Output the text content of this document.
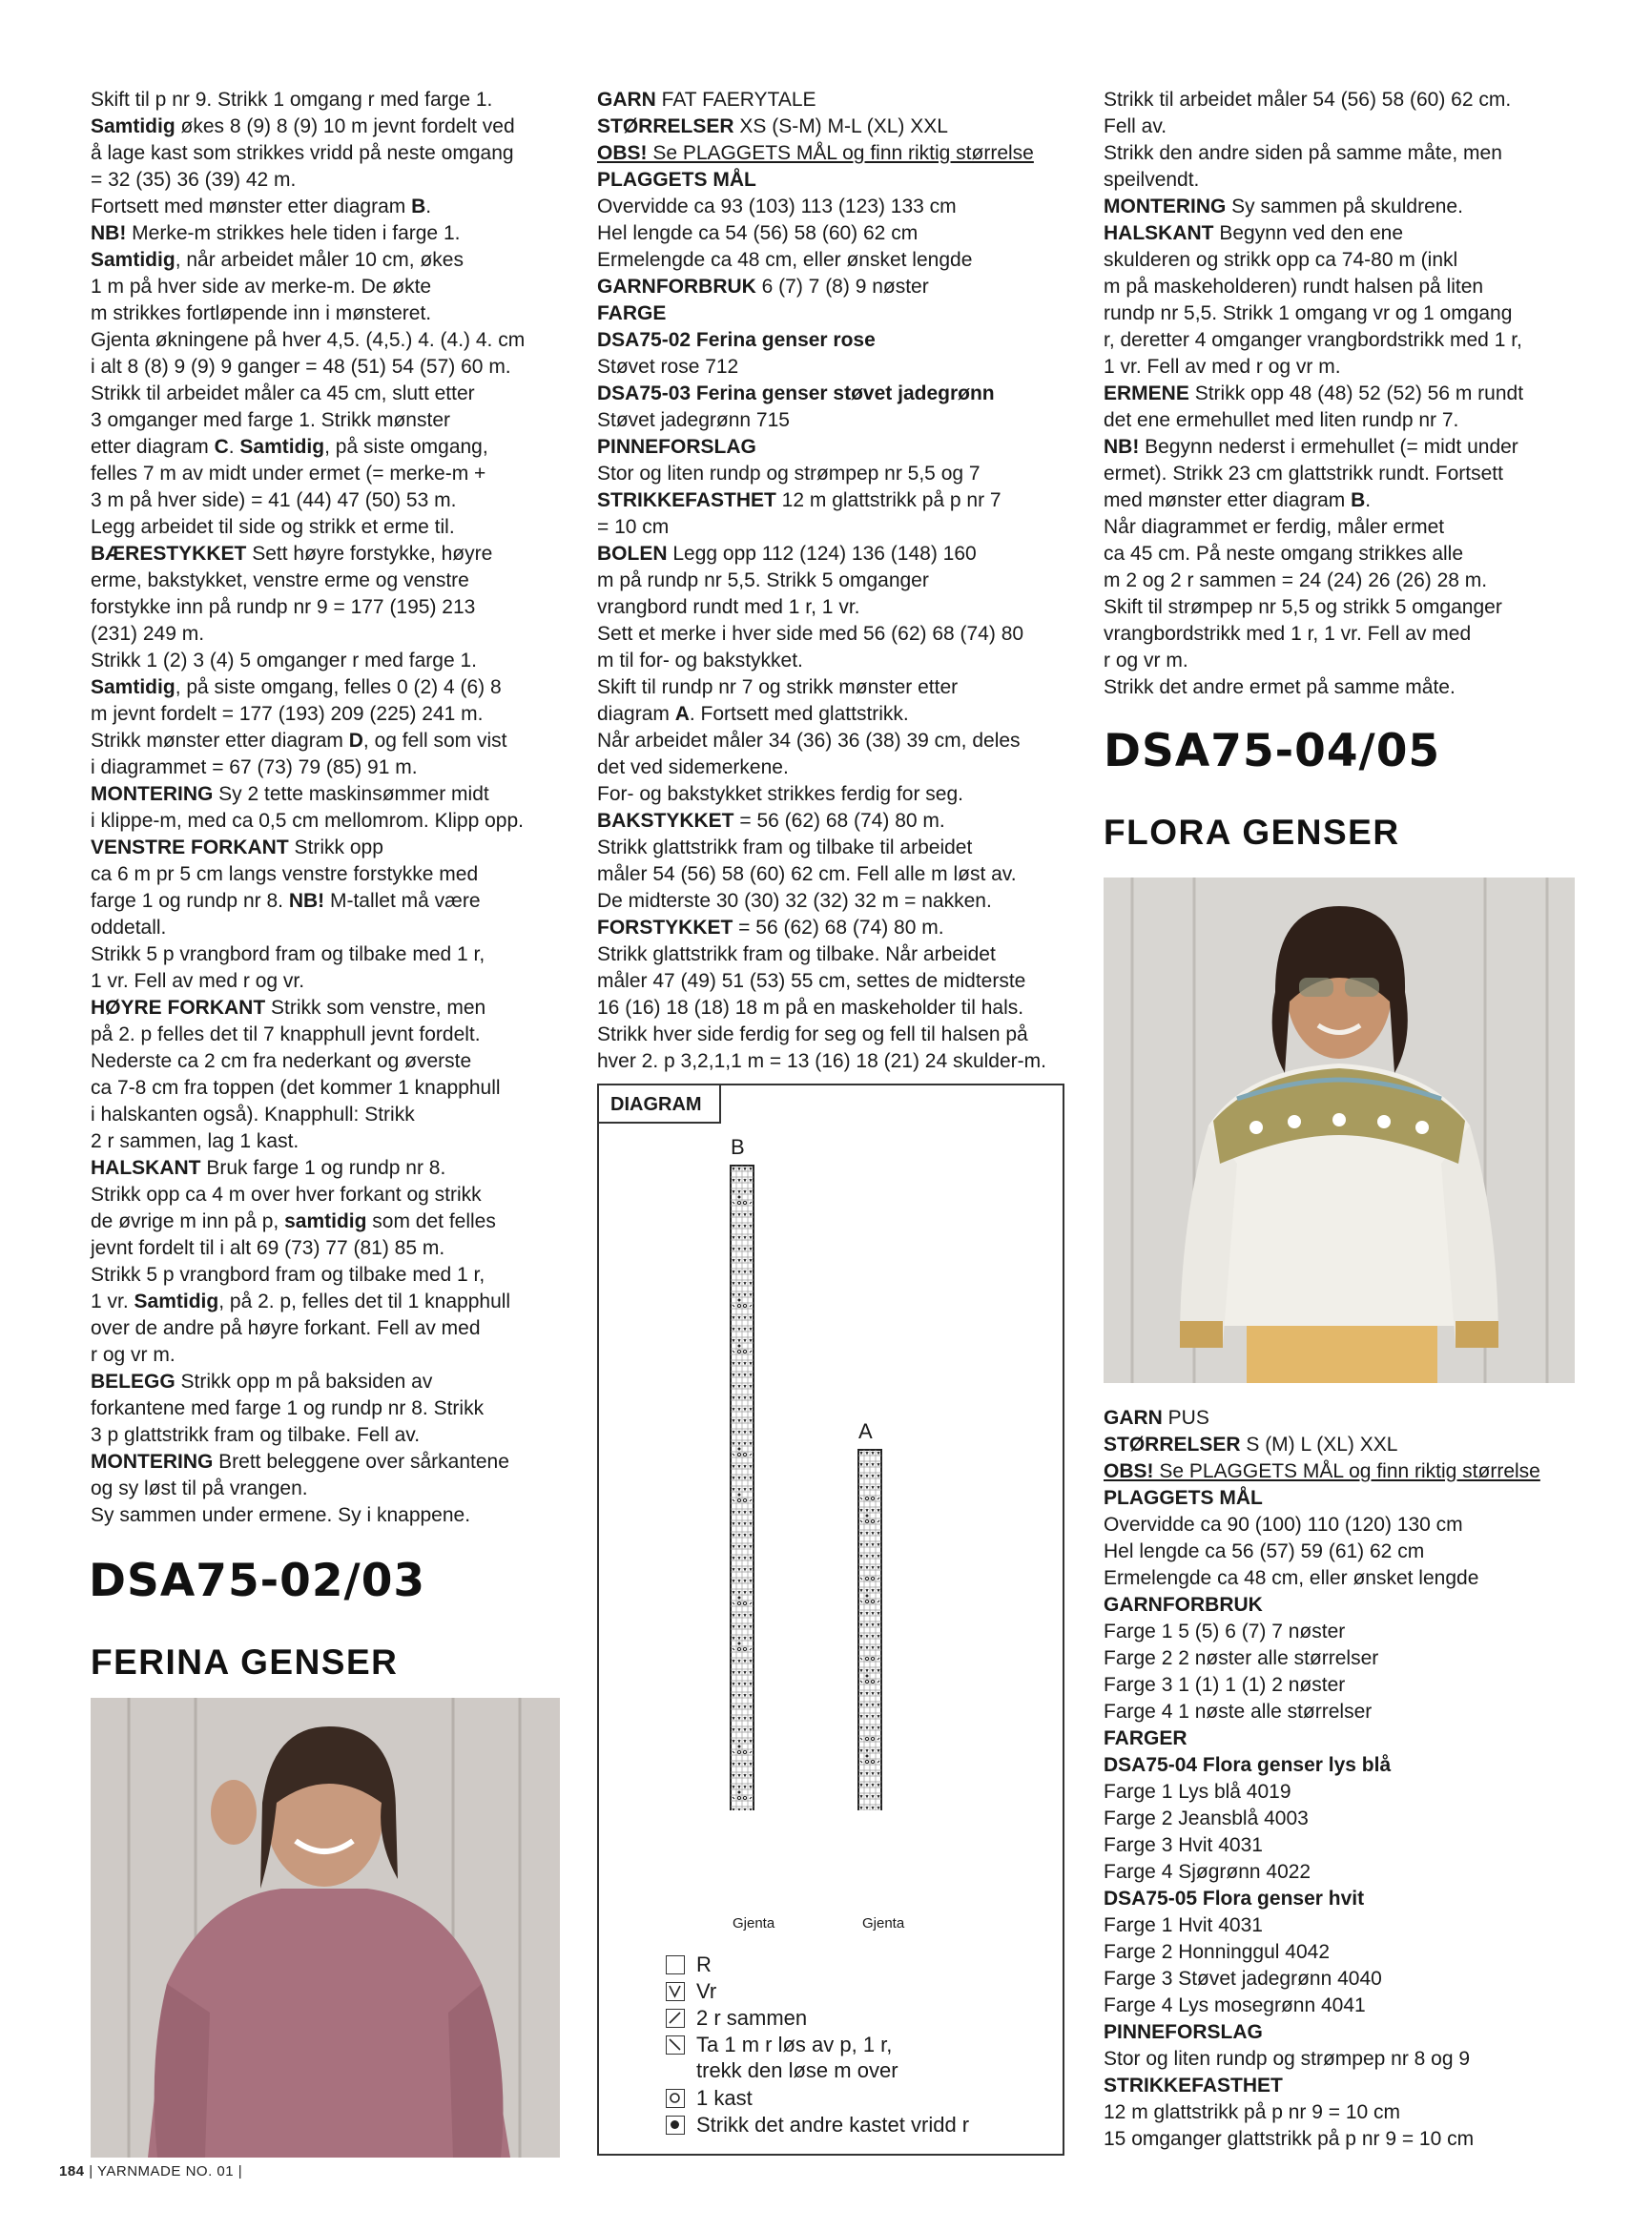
Skift til p nr 9. Strikk 1 omgang r med farge 1.
Samtidig økes 8 (9) 8 (9) 10 m jevnt fordelt ved
å lage kast som strikkes vridd på neste omgang
= 32 (35) 36 (39) 42 m.
Fortsett med mønster etter diagram B.
NB! Merke-m strikkes hele tiden i farge 1.
Samtidig, når arbeidet måler 10 cm, økes
1 m på hver side av merke-m. De økte
m strikkes fortløpende inn i mønsteret.
Gjenta økningene på hver 4,5. (4,5.) 4. (4.) 4. cm
i alt 8 (8) 9 (9) 9 ganger = 48 (51) 54 (57) 60 m.
Strikk til arbeidet måler ca 45 cm, slutt etter
3 omganger med farge 1. Strikk mønster
etter diagram C. Samtidig, på siste omgang,
felles 7 m av midt under ermet (= merke-m +
3 m på hver side) = 41 (44) 47 (50) 53 m.
Legg arbeidet til side og strikk et erme til.
BÆRESTYKKET Sett høyre forstykke, høyre
erme, bakstykket, venstre erme og venstre
forstykke inn på rundp nr 9 = 177 (195) 213
(231) 249 m.
Strikk 1 (2) 3 (4) 5 omganger r med farge 1.
Samtidig, på siste omgang, felles 0 (2) 4 (6) 8
m jevnt fordelt = 177 (193) 209 (225) 241 m.
Strikk mønster etter diagram D, og fell som vist
i diagrammet = 67 (73) 79 (85) 91 m.
MONTERING Sy 2 tette maskinsømmer midt
i klippe-m, med ca 0,5 cm mellomrom. Klipp opp.
VENSTRE FORKANT Strikk opp
ca 6 m pr 5 cm langs venstre forstykke med
farge 1 og rundp nr 8. NB! M-tallet må være
oddetall.
Strikk 5 p vrangbord fram og tilbake med 1 r,
1 vr. Fell av med r og vr.
HØYRE FORKANT Strikk som venstre, men
på 2. p felles det til 7 knapphull jevnt fordelt.
Nederste ca 2 cm fra nederkant og øverste
ca 7-8 cm fra toppen (det kommer 1 knapphull
i halskanten også). Knapphull: Strikk
2 r sammen, lag 1 kast.
HALSKANT Bruk farge 1 og rundp nr 8.
Strikk opp ca 4 m over hver forkant og strikk
de øvrige m inn på p, samtidig som det felles
jevnt fordelt til i alt 69 (73) 77 (81) 85 m.
Strikk 5 p vrangbord fram og tilbake med 1 r,
1 vr. Samtidig, på 2. p, felles det til 1 knapphull
over de andre på høyre forkant. Fell av med
r og vr m.
BELEGG Strikk opp m på baksiden av
forkantene med farge 1 og rundp nr 8. Strikk
3 p glattstrikk fram og tilbake. Fell av.
MONTERING Brett beleggene over sårkantene
og sy løst til på vrangen.
Sy sammen under ermene. Sy i knappene.
DSA75-02/03
FERINA GENSER
GARN FAT FAERYTALE
STØRRELSER XS (S-M) M-L (XL) XXL
OBS! Se PLAGGETS MÅL og finn riktig størrelse
PLAGGETS MÅL
Overvidde ca 93 (103) 113 (123) 133 cm
Hel lengde ca 54 (56) 58 (60) 62 cm
Ermelengde ca 48 cm, eller ønsket lengde
GARNFORBRUK 6 (7) 7 (8) 9 nøster
FARGE
DSA75-02 Ferina genser rose
Støvet rose 712
DSA75-03 Ferina genser støvet jadegrønn
Støvet jadegrønn 715
PINNEFORSLAG
Stor og liten rundp og strømpep nr 5,5 og 7
STRIKKEFASTHET 12 m glattstrikk på p nr 7
= 10 cm
BOLEN Legg opp 112 (124) 136 (148) 160
m på rundp nr 5,5. Strikk 5 omganger
vrangbord rundt med 1 r, 1 vr.
Sett et merke i hver side med 56 (62) 68 (74) 80
m til for- og bakstykket.
Skift til rundp nr 7 og strikk mønster etter
diagram A. Fortsett med glattstrikk.
Når arbeidet måler 34 (36) 36 (38) 39 cm, deles
det ved sidemerkene.
For- og bakstykket strikkes ferdig for seg.
BAKSTYKKET = 56 (62) 68 (74) 80 m.
Strikk glattstrikk fram og tilbake til arbeidet
måler 54 (56) 58 (60) 62 cm. Fell alle m løst av.
De midterste 30 (30) 32 (32) 32 m = nakken.
FORSTYKKET = 56 (62) 68 (74) 80 m.
Strikk glattstrikk fram og tilbake. Når arbeidet
måler 47 (49) 51 (53) 55 cm, settes de midterste
16 (16) 18 (18) 18 m på en maskeholder til hals.
Strikk hver side ferdig for seg og fell til halsen på
hver 2. p 3,2,1,1 m = 13 (16) 18 (21) 24 skulder-m.
DIAGRAM
B
A
Gjenta	Gjenta
R
Vr
2 r sammen
Ta 1 m r løs av p, 1 r,
trekk den løse m over
1 kast
Strikk det andre kastet vridd r
Strikk til arbeidet måler 54 (56) 58 (60) 62 cm.
Fell av.
Strikk den andre siden på samme måte, men
speilvendt.
MONTERING Sy sammen på skuldrene.
HALSKANT Begynn ved den ene
skulderen og strikk opp ca 74-80 m (inkl
m på maskeholderen) rundt halsen på liten
rundp nr 5,5. Strikk 1 omgang vr og 1 omgang
r, deretter 4 omganger vrangbordstrikk med 1 r,
1 vr. Fell av med r og vr m.
ERMENE Strikk opp 48 (48) 52 (52) 56 m rundt
det ene ermehullet med liten rundp nr 7.
NB! Begynn nederst i ermehullet (= midt under
ermet). Strikk 23 cm glattstrikk rundt. Fortsett
med mønster etter diagram B.
Når diagrammet er ferdig, måler ermet
ca 45 cm. På neste omgang strikkes alle
m 2 og 2 r sammen = 24 (24) 26 (26) 28 m.
Skift til strømpep nr 5,5 og strikk 5 omganger
vrangbordstrikk med 1 r, 1 vr. Fell av med
r og vr m.
Strikk det andre ermet på samme måte.
GARN PUS
STØRRELSER S (M) L (XL) XXL
OBS! Se PLAGGETS MÅL og finn riktig størrelse
PLAGGETS MÅL
Overvidde ca 90 (100) 110 (120) 130 cm
Hel lengde ca 56 (57) 59 (61) 62 cm
Ermelengde ca 48 cm, eller ønsket lengde
GARNFORBRUK
Farge 1 5 (5) 6 (7) 7 nøster
Farge 2 2 nøster alle størrelser
Farge 3 1 (1) 1 (1) 2 nøster
Farge 4 1 nøste alle størrelser
FARGER
DSA75-04 Flora genser lys blå
Farge 1 Lys blå 4019
Farge 2 Jeansblå 4003
Farge 3 Hvit 4031
Farge 4 Sjøgrønn 4022
DSA75-05 Flora genser hvit
Farge 1 Hvit 4031
Farge 2 Honninggul 4042
Farge 3 Støvet jadegrønn 4040
Farge 4 Lys mosegrønn 4041
PINNEFORSLAG
Stor og liten rundp og strømpep nr 8 og 9
STRIKKEFASTHET
12 m glattstrikk på p nr 9 = 10 cm
15 omganger glattstrikk på p nr 9 = 10 cm
DSA75-04/05
FLORA GENSER
184 | YARNMADE NO. 01 |
